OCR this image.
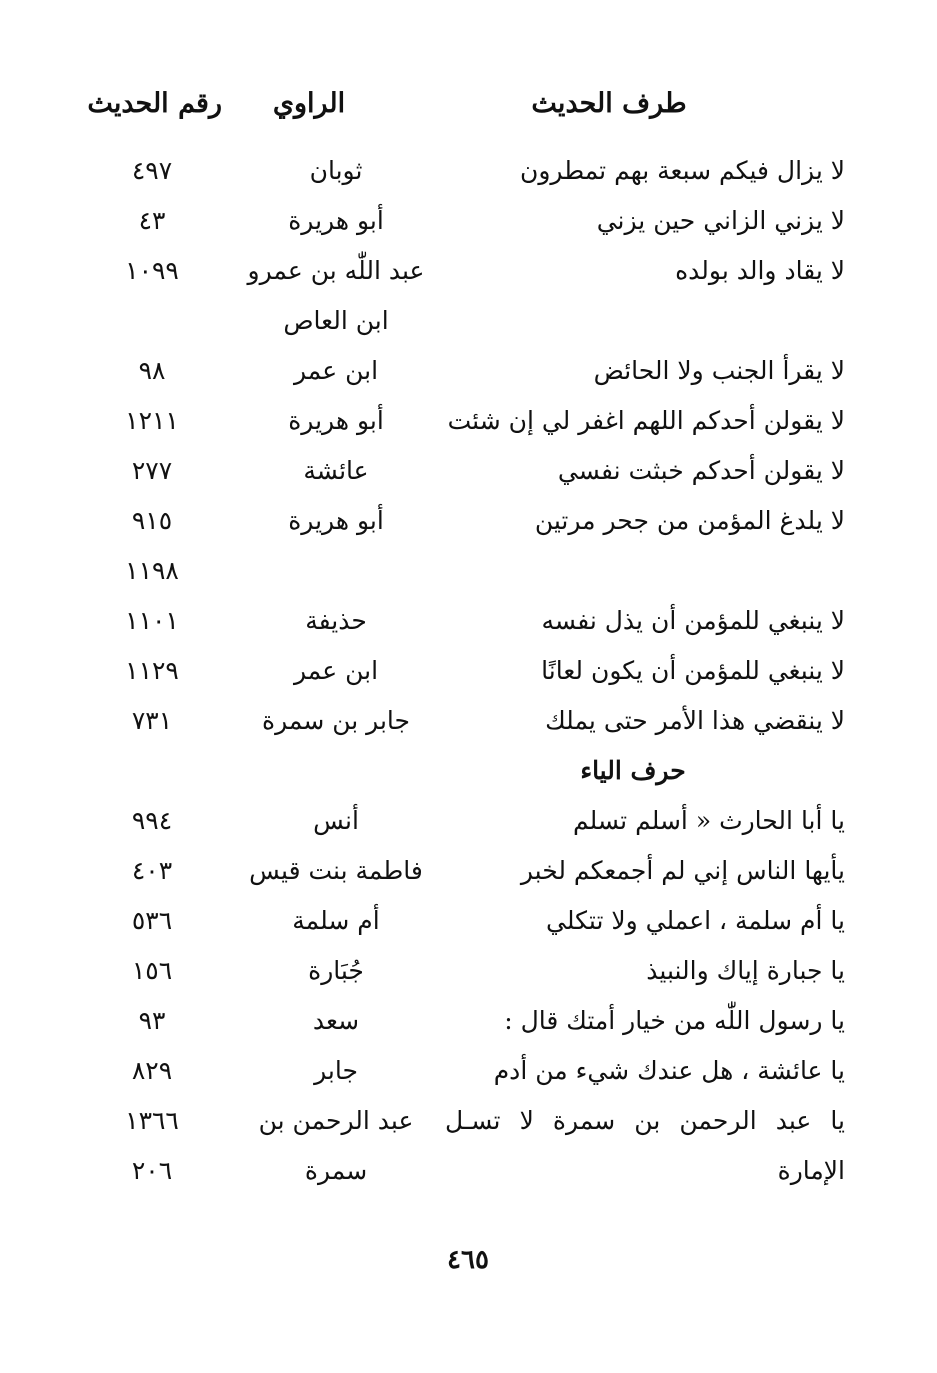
طرف الحديث
الراوي
رقم الحديث
لا يزال فيكم سبعة بهم تمطرون
ثوبان
٤٩٧
لا يزني الزاني حين يزني
أبو هريرة
٤٣
لا يقاد والد بولده
عبد اللّٰه بن عمرو
١٠٩٩
ابن العاص
لا يقرأ الجنب ولا الحائض
ابن عمر
٩٨
لا يقولن أحدكم اللهم اغفر لي إن شئت
أبو هريرة
١٢١١
لا يقولن أحدكم خبثت نفسي
عائشة
٢٧٧
لا يلدغ المؤمن من جحر مرتين
أبو هريرة
٩١٥
١١٩٨
لا ينبغي للمؤمن أن يذل نفسه
حذيفة
١١٠١
لا ينبغي للمؤمن أن يكون لعانًا
ابن عمر
١١٢٩
لا ينقضي هذا الأمر حتى يملك
جابر بن سمرة
٧٣١
حرف الياء
يا أبا الحارث « أسلم تسلم
أنس
٩٩٤
يأيها الناس إني لم أجمعكم لخبر
فاطمة بنت قيس
٤٠٣
يا أم سلمة ، اعملي ولا تتكلي
أم سلمة
٥٣٦
يا جبارة إياك والنبيذ
جُبَارة
١٥٦
يا رسول اللّٰه من خيار أمتك قال :
سعد
٩٣
يا عائشة ، هل عندك شيء من أدم
جابر
٨٢٩
يا عبد الرحمن بن سمرة لا تسـل
عبد الرحمن بن
١٣٦٦
الإمارة
سمرة
٢٠٦
٤٦٥
